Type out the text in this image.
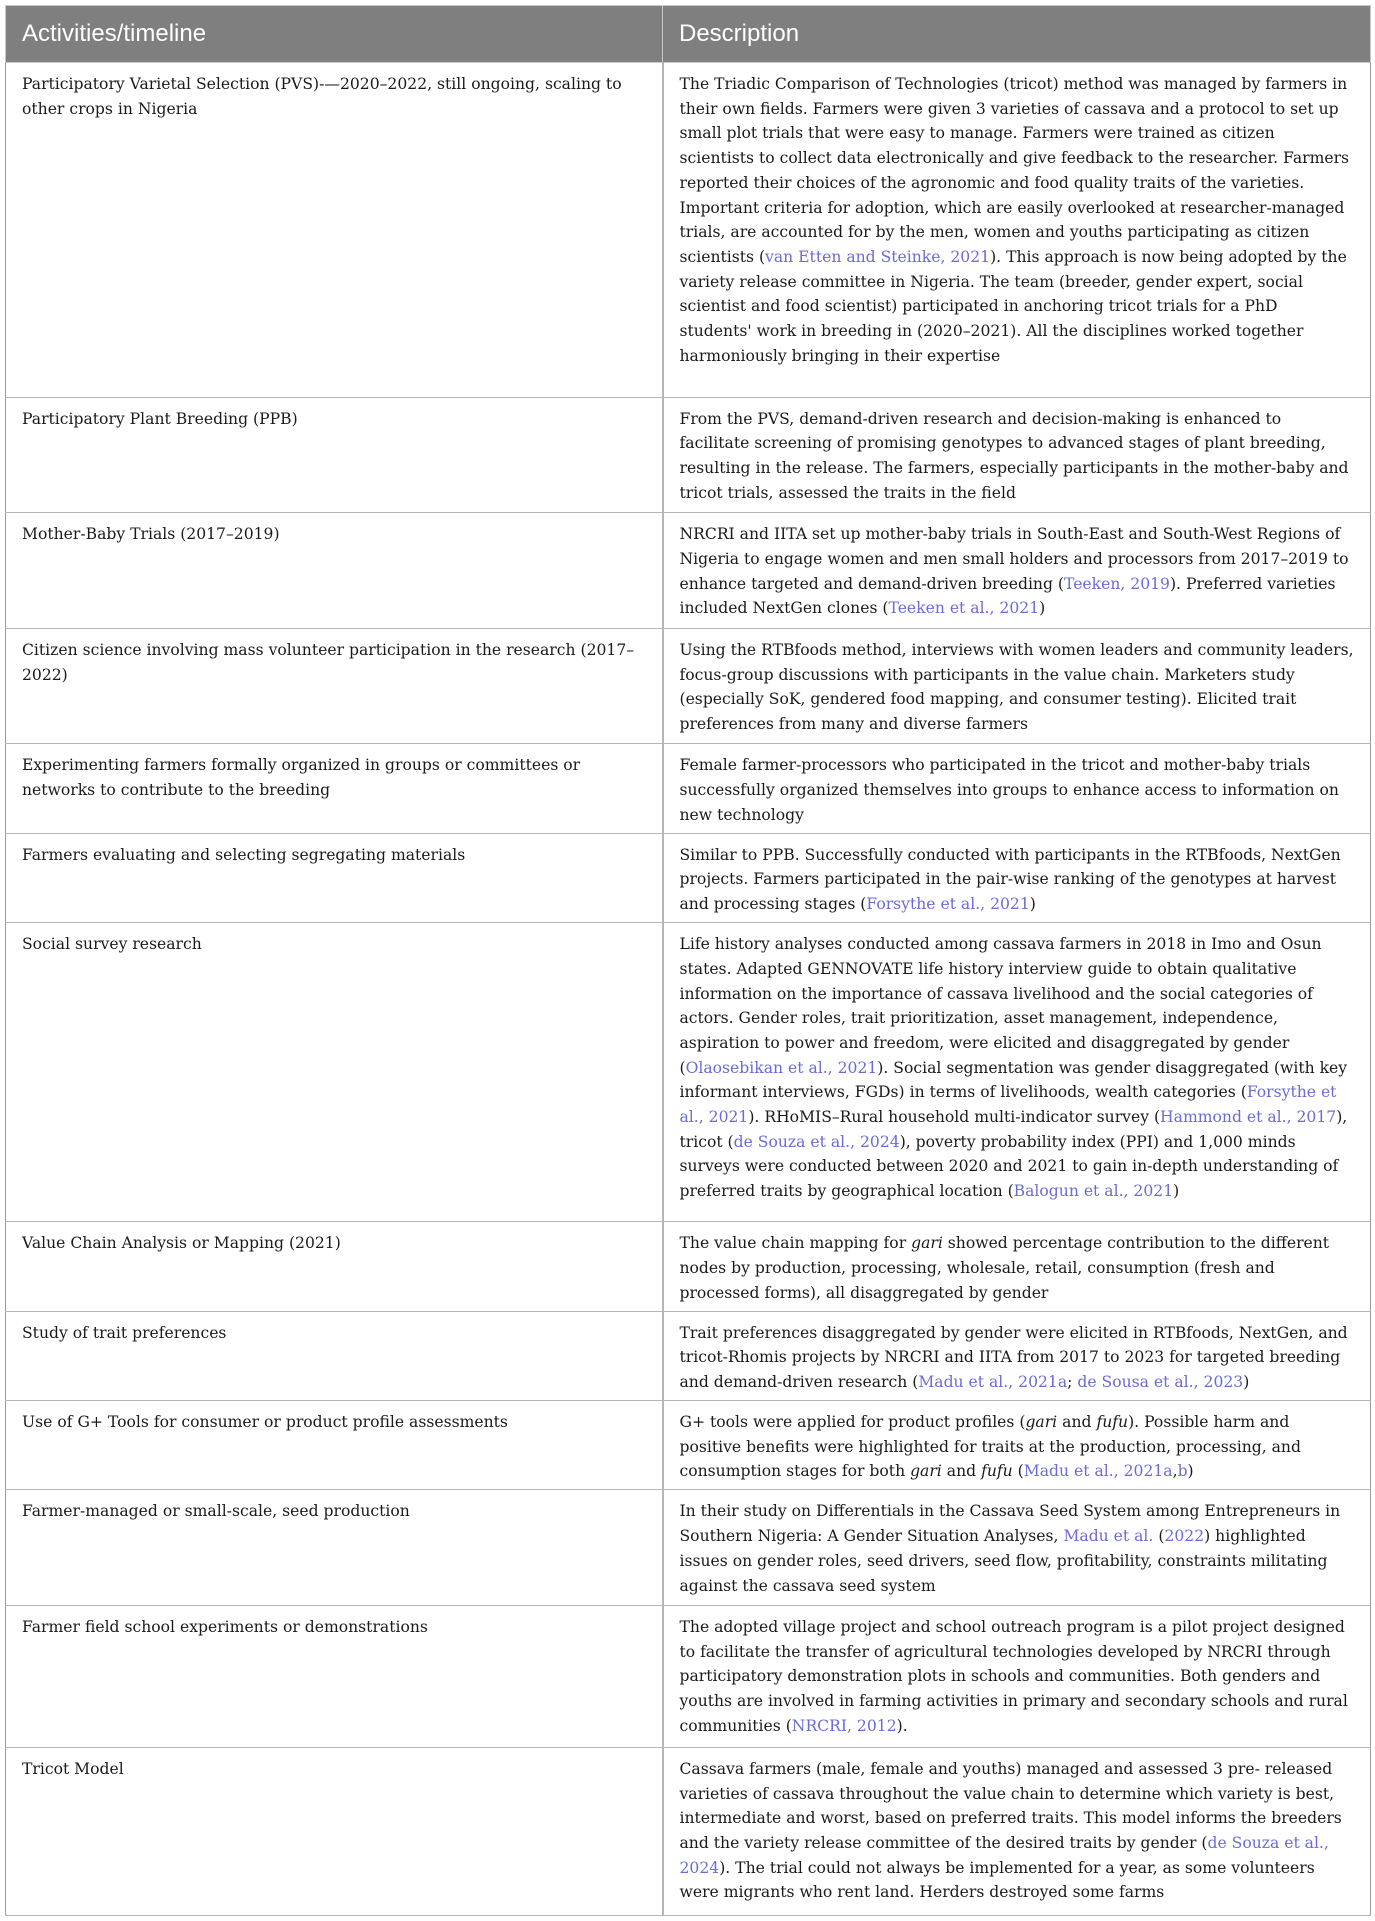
Activities/timeline	Description
Participatory Varietal Selection (PVS)-—2020–2022, still ongoing, scaling to other crops in Nigeria	The Triadic Comparison of Technologies (tricot) method was managed by farmers in their own fields. Farmers were given 3 varieties of cassava and a protocol to set up small plot trials that were easy to manage. Farmers were trained as citizen scientists to collect data electronically and give feedback to the researcher. Farmers reported their choices of the agronomic and food quality traits of the varieties. Important criteria for adoption, which are easily overlooked at researcher-managed trials, are accounted for by the men, women and youths participating as citizen scientists (van Etten and Steinke, 2021). This approach is now being adopted by the variety release committee in Nigeria. The team (breeder, gender expert, social scientist and food scientist) participated in anchoring tricot trials for a PhD students' work in breeding in (2020–2021). All the disciplines worked together harmoniously bringing in their expertise
Participatory Plant Breeding (PPB)	From the PVS, demand-driven research and decision-making is enhanced to facilitate screening of promising genotypes to advanced stages of plant breeding, resulting in the release. The farmers, especially participants in the mother-baby and tricot trials, assessed the traits in the field
Mother-Baby Trials (2017–2019)	NRCRI and IITA set up mother-baby trials in South-East and South-West Regions of Nigeria to engage women and men small holders and processors from 2017–2019 to enhance targeted and demand-driven breeding (Teeken, 2019). Preferred varieties included NextGen clones (Teeken et al., 2021)
Citizen science involving mass volunteer participation in the research (2017–2022)	Using the RTBfoods method, interviews with women leaders and community leaders, focus-group discussions with participants in the value chain. Marketers study (especially SoK, gendered food mapping, and consumer testing). Elicited trait preferences from many and diverse farmers
Experimenting farmers formally organized in groups or committees or networks to contribute to the breeding	Female farmer-processors who participated in the tricot and mother-baby trials successfully organized themselves into groups to enhance access to information on new technology
Farmers evaluating and selecting segregating materials	Similar to PPB. Successfully conducted with participants in the RTBfoods, NextGen projects. Farmers participated in the pair-wise ranking of the genotypes at harvest and processing stages (Forsythe et al., 2021)
Social survey research	Life history analyses conducted among cassava farmers in 2018 in Imo and Osun states. Adapted GENNOVATE life history interview guide to obtain qualitative information on the importance of cassava livelihood and the social categories of actors. Gender roles, trait prioritization, asset management, independence, aspiration to power and freedom, were elicited and disaggregated by gender (Olaosebikan et al., 2021). Social segmentation was gender disaggregated (with key informant interviews, FGDs) in terms of livelihoods, wealth categories (Forsythe et al., 2021). RHoMIS–Rural household multi-indicator survey (Hammond et al., 2017), tricot (de Souza et al., 2024), poverty probability index (PPI) and 1,000 minds surveys were conducted between 2020 and 2021 to gain in-depth understanding of preferred traits by geographical location (Balogun et al., 2021)
Value Chain Analysis or Mapping (2021)	The value chain mapping for gari showed percentage contribution to the different nodes by production, processing, wholesale, retail, consumption (fresh and processed forms), all disaggregated by gender
Study of trait preferences	Trait preferences disaggregated by gender were elicited in RTBfoods, NextGen, and tricot-Rhomis projects by NRCRI and IITA from 2017 to 2023 for targeted breeding and demand-driven research (Madu et al., 2021a; de Sousa et al., 2023)
Use of G+ Tools for consumer or product profile assessments	G+ tools were applied for product profiles (gari and fufu). Possible harm and positive benefits were highlighted for traits at the production, processing, and consumption stages for both gari and fufu (Madu et al., 2021a,b)
Farmer-managed or small-scale, seed production	In their study on Differentials in the Cassava Seed System among Entrepreneurs in Southern Nigeria: A Gender Situation Analyses, Madu et al. (2022) highlighted issues on gender roles, seed drivers, seed flow, profitability, constraints militating against the cassava seed system
Farmer field school experiments or demonstrations	The adopted village project and school outreach program is a pilot project designed to facilitate the transfer of agricultural technologies developed by NRCRI through participatory demonstration plots in schools and communities. Both genders and youths are involved in farming activities in primary and secondary schools and rural communities (NRCRI, 2012).
Tricot Model	Cassava farmers (male, female and youths) managed and assessed 3 pre- released varieties of cassava throughout the value chain to determine which variety is best, intermediate and worst, based on preferred traits. This model informs the breeders and the variety release committee of the desired traits by gender (de Souza et al., 2024). The trial could not always be implemented for a year, as some volunteers were migrants who rent land. Herders destroyed some farms
